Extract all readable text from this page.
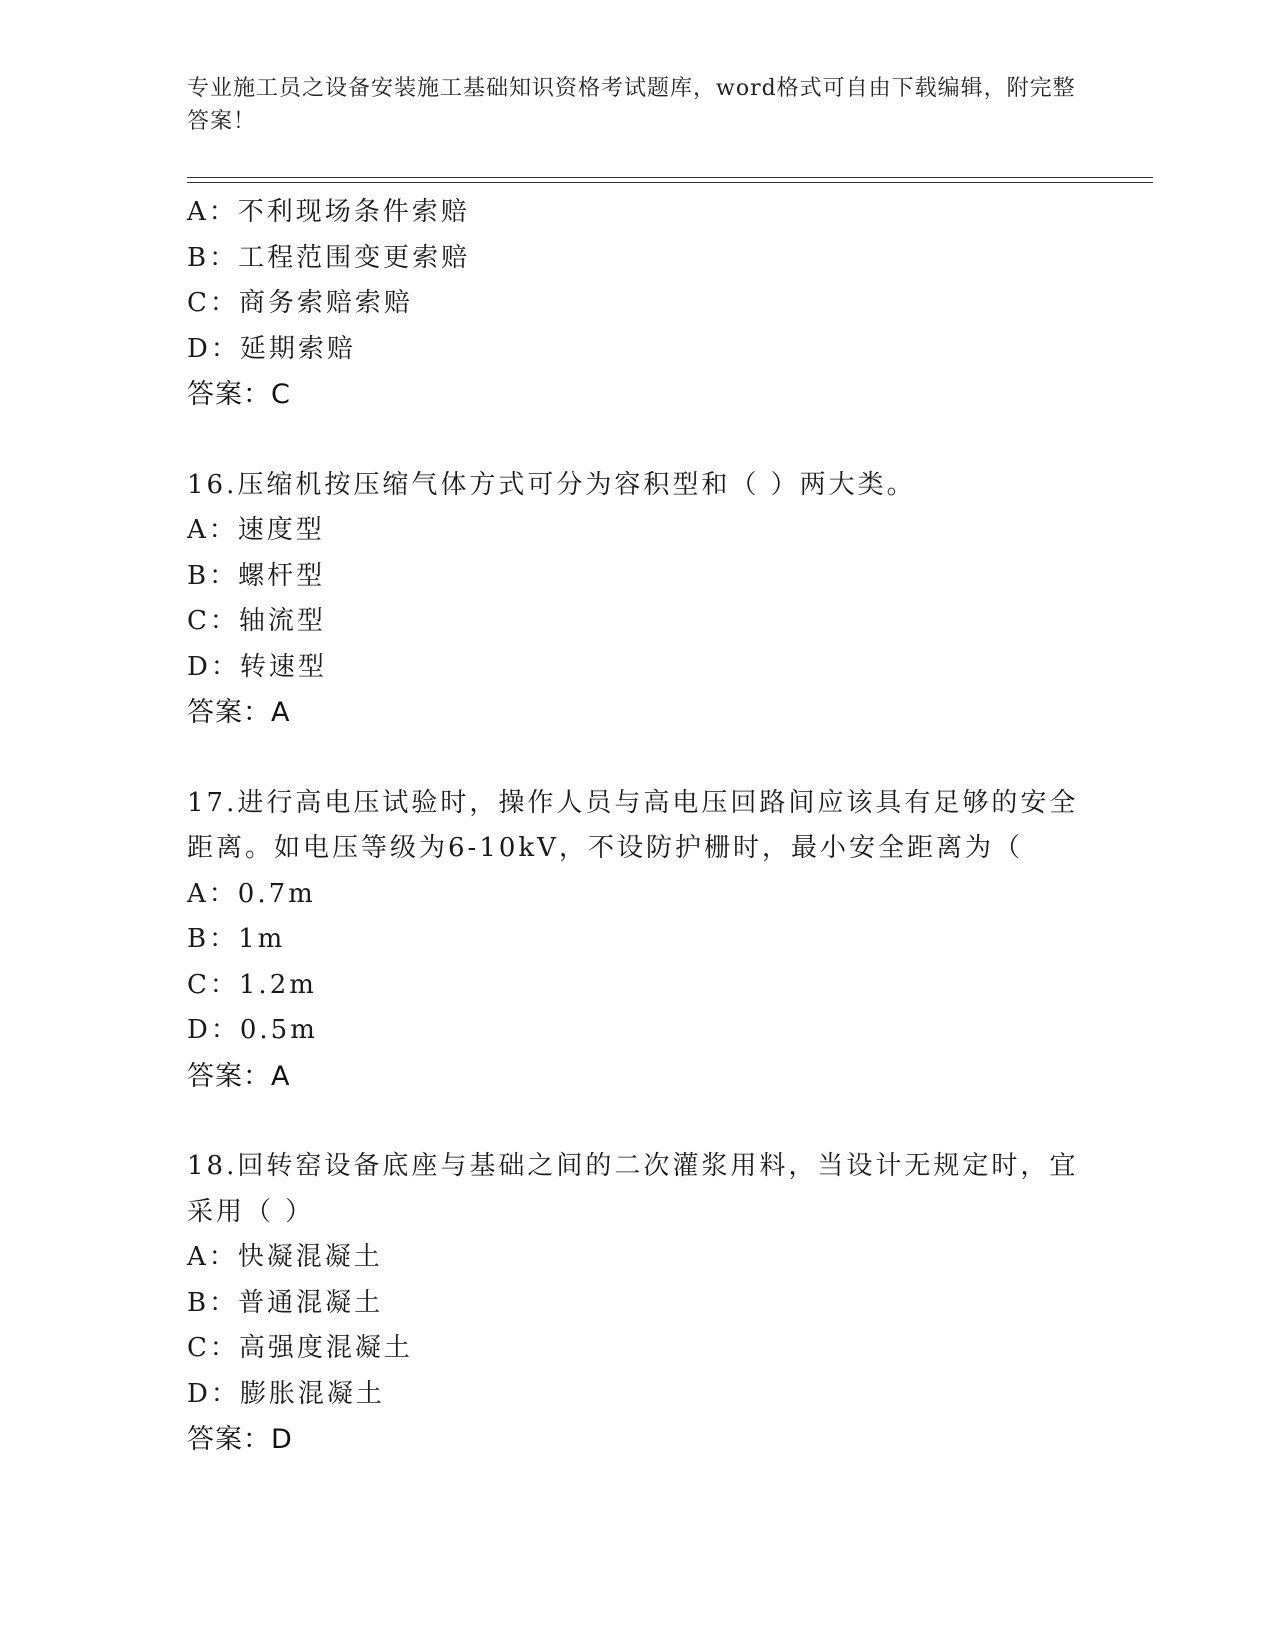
专业施工员之设备安装施工基础知识资格考试题库，word格式可自由下载编辑，附完整答案！
A：不利现场条件索赔
B：工程范围变更索赔
C：商务索赔索赔
D：延期索赔
答案：C
16.压缩机按压缩气体方式可分为容积型和（ ）两大类。
A：速度型
B：螺杆型
C：轴流型
D：转速型
答案：A
17.进行高电压试验时，操作人员与高电压回路间应该具有足够的安全距离。如电压等级为6-10kV，不设防护栅时，最小安全距离为（
A：0.7m
B：1m
C：1.2m
D：0.5m
答案：A
18.回转窑设备底座与基础之间的二次灌浆用料，当设计无规定时，宜采用（ ）
A：快凝混凝土
B：普通混凝土
C：高强度混凝土
D：膨胀混凝土
答案：D
